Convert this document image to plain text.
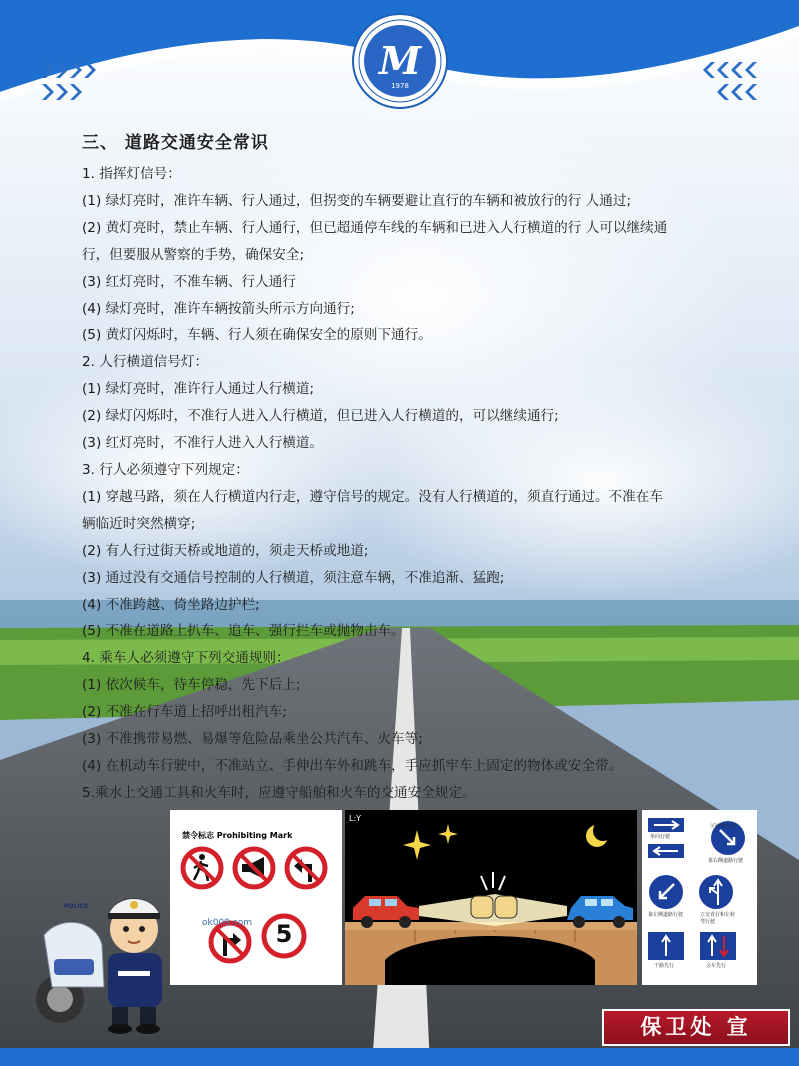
M
1978
三、 道路交通安全常识
1. 指挥灯信号：
(1) 绿灯亮时，准许车辆、行人通过，但拐变的车辆要避让直行的车辆和被放行的行 人通过;
(2) 黄灯亮时，禁止车辆、行人通行，但已超通停车线的车辆和已进入人行横道的行 人可以继续通
行，但要服从警察的手势，确保安全;
(3) 红灯亮时，不准车辆、行人通行
(4) 绿灯亮时，准许车辆按箭头所示方向通行;
(5) 黄灯闪烁时，车辆、行人须在确保安全的原则下通行。
2. 人行横道信号灯：
(1) 绿灯亮时，准许行人通过人行横道;
(2) 绿灯闪烁时，不准行人进入人行横道，但已进入人行横道的，可以继续通行;
(3) 红灯亮时，不准行人进入人行横道。
3. 行人必须遵守下列规定：
(1) 穿越马路，须在人行横道内行走，遵守信号的规定。没有人行横道的，须直行通过。不准在车
辆临近时突然横穿;
(2) 有人行过街天桥或地道的，须走天桥或地道;
(3) 通过没有交通信号控制的人行横道，须注意车辆，不准追渐、猛跑;
(4) 不准跨越、倚坐路边护栏;
(5) 不准在道路上扒车、追车、强行拦车或抛物击车。
4. 乘车人必须遵守下列交通规则：
(1) 依次候车，待车停稳，先下后上;
(2) 不准在行车道上招呼出租汽车;
(3) 不准携带易燃、易爆等危险品乘坐公共汽车、火车等;
(4) 在机动车行驶中，不准站立、手伸出车外和跳车，手应抓牢车上固定的物体或安全带。
5.乘水上交通工具和火车时，应遵守船舶和火车的交通安全规定。
禁令标志 Prohibiting Mark
5
ok009.com
L:Y
单向行驶
（向左或向右）
靠右侧道路行驶
靠左侧道路行驶	立交直行和左转弯行驶
干路先行	会车先行
POLICE
保卫处 宣
